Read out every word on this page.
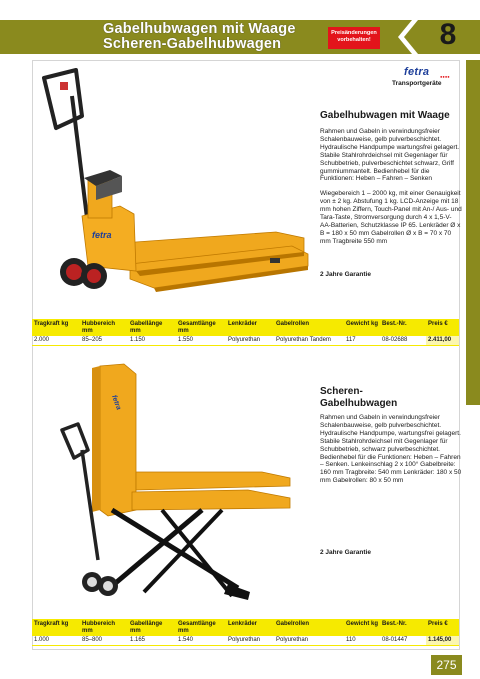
Gabelhubwagen mit Waage
Scheren-Gabelhubwagen
Preisänderungen
vorbehalten!	8
fetra	●●●●
Transportgeräte
fetra
Gabelhubwagen mit Waage

Rahmen und Gabeln in verwindungsfreier Schalenbauweise, gelb pulverbeschichtet. Hydraulische Handpumpe wartungsfrei gelagert. Stabile Stahlrohrdeichsel mit Gegenlager für Schubbetrieb, pulverbeschichtet schwarz, Griff gummiummantelt. Bedienhebel für die Funktionen: Heben – Fahren – Senken

Wiegebereich 1 – 2000 kg, mit einer Genauigkeit von ± 2 kg. Abstufung 1 kg. LCD-Anzeige mit 18 mm hohen Ziffern, Touch-Panel mit An-/ Aus- und Tara-Taste, Stromversorgung durch 4 x 1,5-V-AA-Batterien, Schutzklasse IP 65. Lenkräder Ø x B = 180 x 50 mm Gabelrollen Ø x B = 70 x 70 mm Tragbreite 550 mm

2 Jahre Garantie
Tragkraft kg	Hubbereich mm	Gabellänge mm	Gesamtlänge mm	Lenkräder	Gabelrollen	Gewicht kg	Best.-Nr.	Preis €
2.000	85–205	1.150	1.550	Polyurethan	Polyurethan Tandem	117	08-02688	2.411,00
fetra
Scheren-
Gabelhubwagen

Rahmen und Gabeln in verwindungsfreier Schalenbauweise, gelb pulverbeschichtet. Hydraulische Handpumpe, wartungsfrei gelagert. Stabile Stahlrohrdeichsel mit Gegenlager für Schubbetrieb, schwarz pulverbeschichtet. Bedienhebel für die Funktionen: Heben – Fahren – Senken. Lenkeinschlag 2 x 100° Gabelbreite: 160 mm Tragbreite: 540 mm Lenkräder: 180 x 50 mm Gabelrollen: 80 x 50 mm

2 Jahre Garantie
Tragkraft kg	Hubbereich mm	Gabellänge mm	Gesamtlänge mm	Lenkräder	Gabelrollen	Gewicht kg	Best.-Nr.	Preis €
1.000	85–800	1.165	1.540	Polyurethan	Polyurethan	110	08-01447	1.145,00
275
